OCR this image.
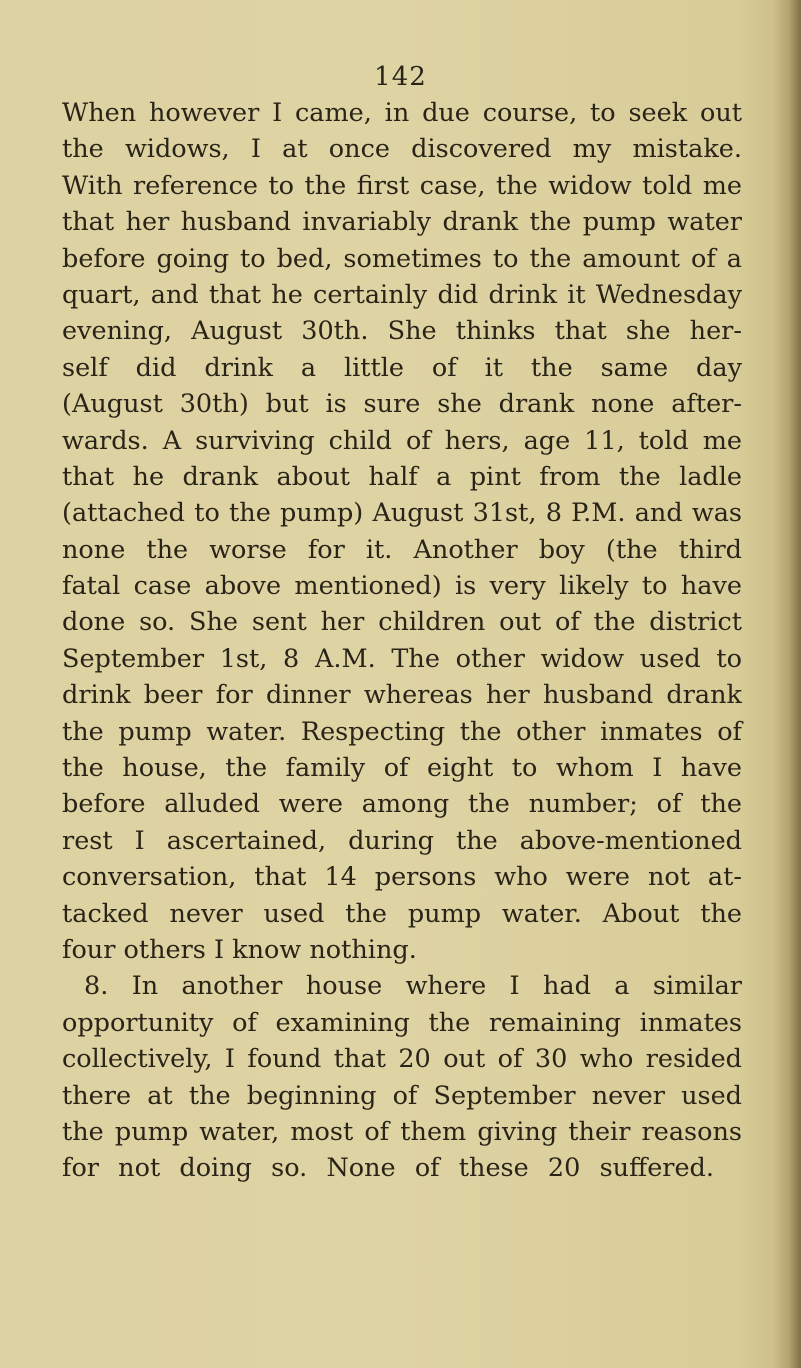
142
When however I came, in due course, to seek out
the widows, I at once discovered my mistake.
With reference to the first case, the widow told me
that her husband invariably drank the pump water
before going to bed, sometimes to the amount of a
quart, and that he certainly did drink it Wednesday
evening, August 30th. She thinks that she her-
self did drink a little of it the same day
(August 30th) but is sure she drank none after-
wards. A surviving child of hers, age 11, told me
that he drank about half a pint from the ladle
(attached to the pump) August 31st, 8 P.M. and was
none the worse for it. Another boy (the third
fatal case above mentioned) is very likely to have
done so. She sent her children out of the district
September 1st, 8 A.M. The other widow used to
drink beer for dinner whereas her husband drank
the pump water. Respecting the other inmates of
the house, the family of eight to whom I have
before alluded were among the number; of the
rest I ascertained, during the above-mentioned
conversation, that 14 persons who were not at-
tacked never used the pump water. About the
four others I know nothing.
8. In another house where I had a similar
opportunity of examining the remaining inmates
collectively, I found that 20 out of 30 who resided
there at the beginning of September never used
the pump water, most of them giving their reasons
for not doing so. None of these 20 suffered.
